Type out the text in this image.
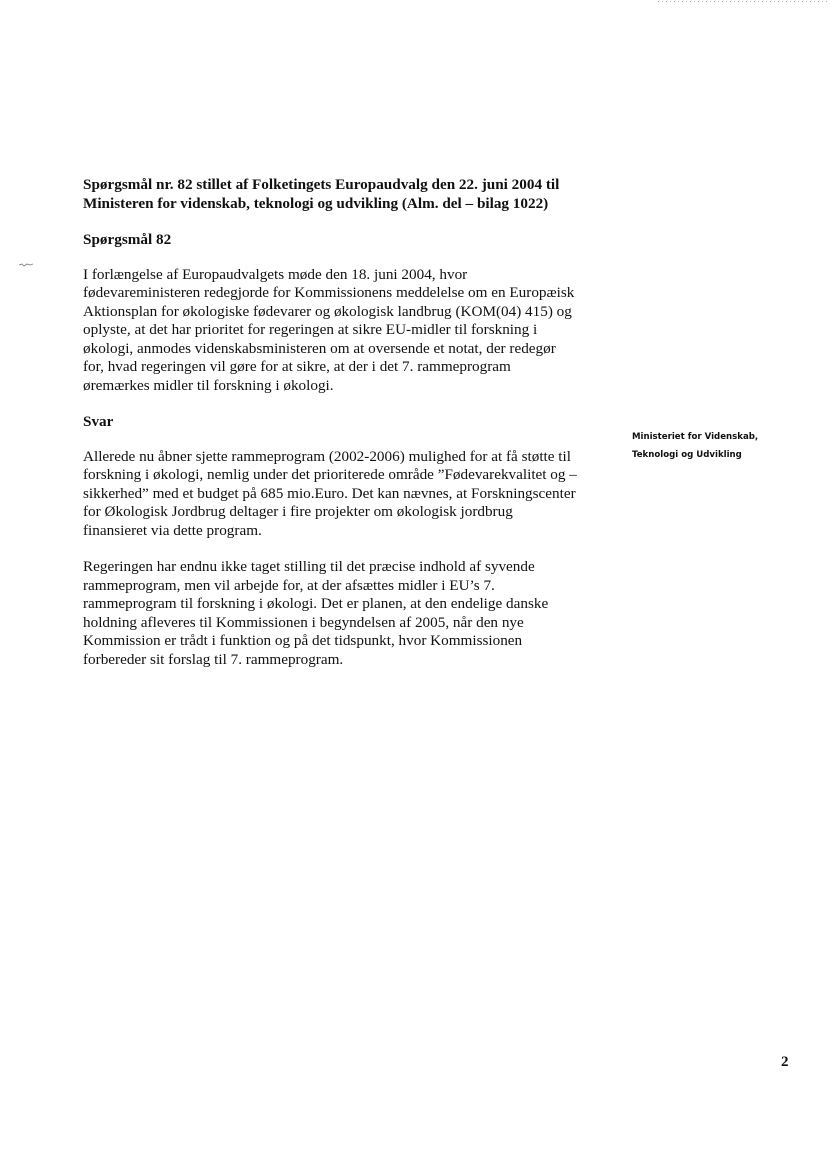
Spørgsmål nr. 82 stillet af Folketingets Europaudvalg den 22. juni 2004 til
Ministeren for videnskab, teknologi og udvikling (Alm. del – bilag 1022)
Spørgsmål 82
I forlængelse af Europaudvalgets møde den 18. juni 2004, hvor
fødevareministeren redegjorde for Kommissionens meddelelse om en Europæisk
Aktionsplan for økologiske fødevarer og økologisk landbrug (KOM(04) 415) og
oplyste, at det har prioritet for regeringen at sikre EU-midler til forskning i
økologi, anmodes videnskabsministeren om at oversende et notat, der redegør
for, hvad regeringen vil gøre for at sikre, at der i det 7. rammeprogram
øremærkes midler til forskning i økologi.
Svar
Allerede nu åbner sjette rammeprogram (2002-2006) mulighed for at få støtte til
forskning i økologi, nemlig under det prioriterede område ”Fødevarekvalitet og –
sikkerhed” med et budget på 685 mio.Euro. Det kan nævnes, at Forskningscenter
for Økologisk Jordbrug deltager i fire projekter om økologisk jordbrug
finansieret via dette program.
Regeringen har endnu ikke taget stilling til det præcise indhold af syvende
rammeprogram, men vil arbejde for, at der afsættes midler i EU’s 7.
rammeprogram til forskning i økologi. Det er planen, at den endelige danske
holdning afleveres til Kommissionen i begyndelsen af 2005, når den nye
Kommission er trådt i funktion og på det tidspunkt, hvor Kommissionen
forbereder sit forslag til 7. rammeprogram.
Ministeriet for Videnskab,
Teknologi og Udvikling
2
